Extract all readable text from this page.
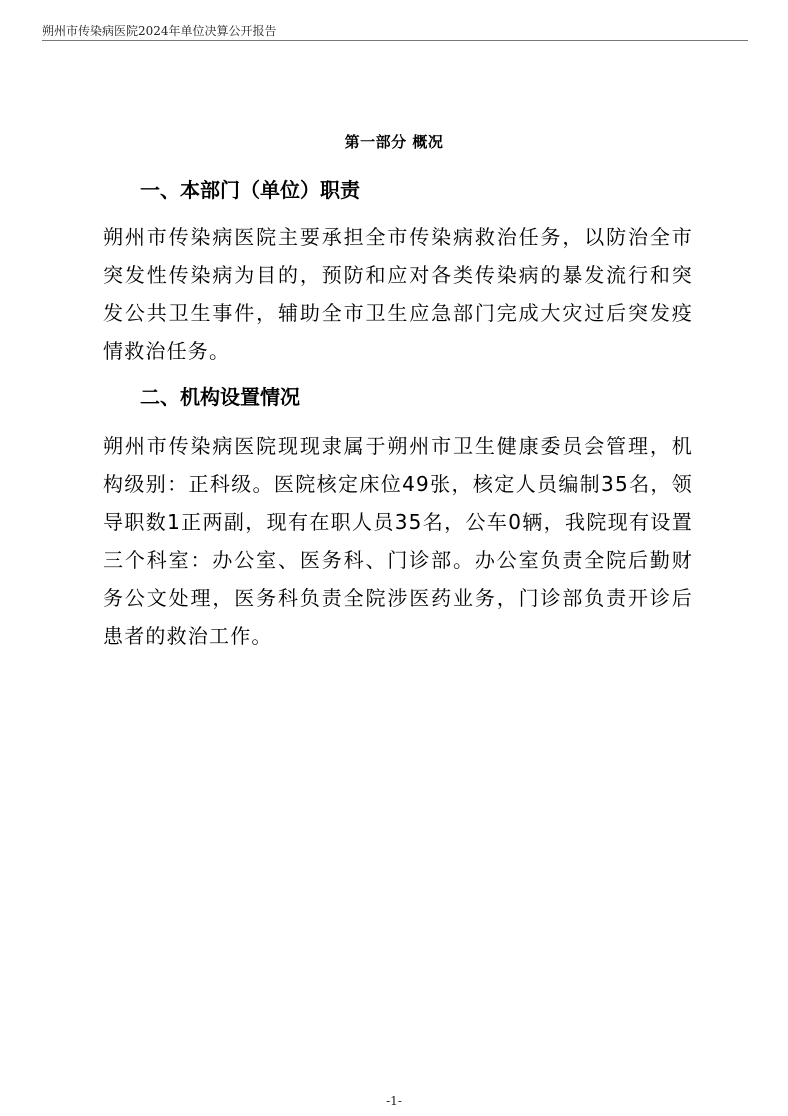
朔州市传染病医院2024年单位决算公开报告
第一部分 概况
一、本部门（单位）职责
朔州市传染病医院主要承担全市传染病救治任务，以防治全市突发性传染病为目的，预防和应对各类传染病的暴发流行和突发公共卫生事件，辅助全市卫生应急部门完成大灾过后突发疫情救治任务。
二、机构设置情况
朔州市传染病医院现现隶属于朔州市卫生健康委员会管理，机构级别：正科级。医院核定床位49张，核定人员编制35名，领导职数1正两副，现有在职人员35名，公车0辆，我院现有设置三个科室：办公室、医务科、门诊部。办公室负责全院后勤财务公文处理，医务科负责全院涉医药业务，门诊部负责开诊后患者的救治工作。
-1-
